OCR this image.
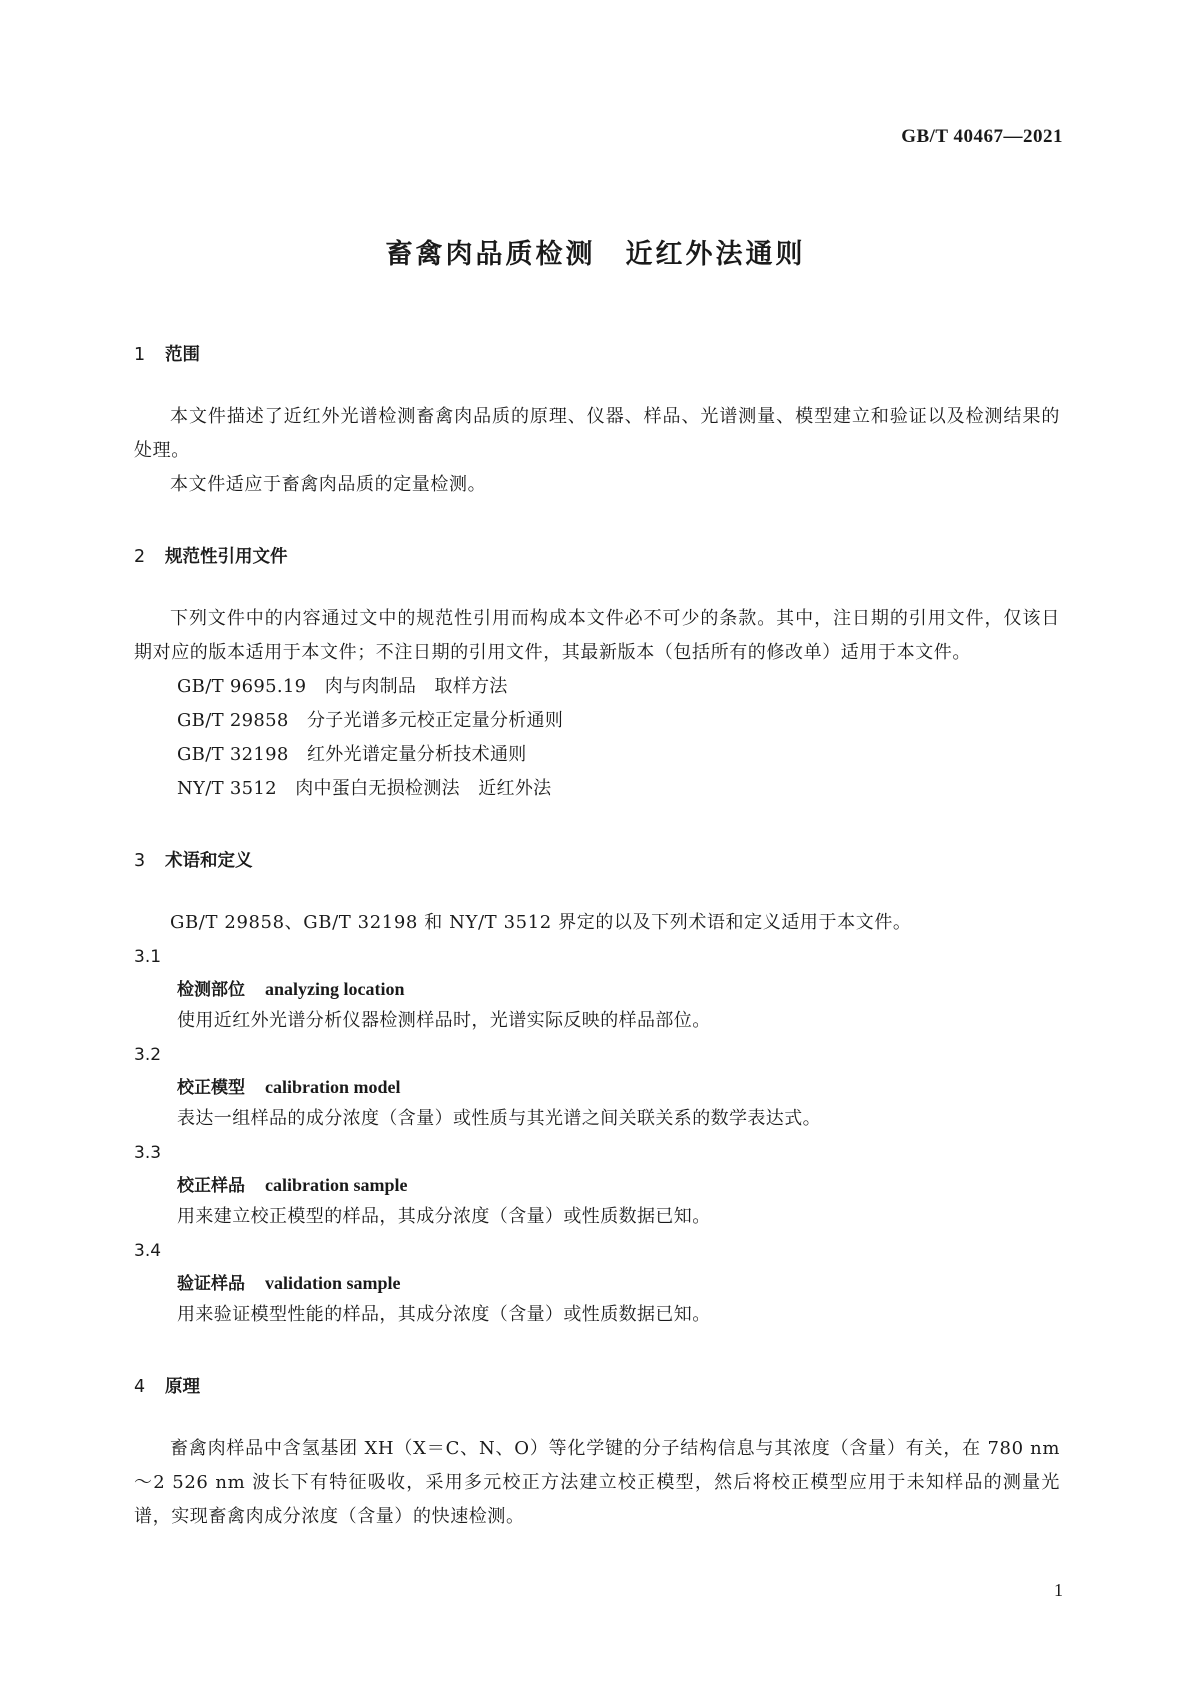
GB/T 40467—2021
畜禽肉品质检测　近红外法通则
1 范围
本文件描述了近红外光谱检测畜禽肉品质的原理、仪器、样品、光谱测量、模型建立和验证以及检测结果的处理。
本文件适应于畜禽肉品质的定量检测。
2 规范性引用文件
下列文件中的内容通过文中的规范性引用而构成本文件必不可少的条款。其中，注日期的引用文件，仅该日期对应的版本适用于本文件；不注日期的引用文件，其最新版本（包括所有的修改单）适用于本文件。
GB/T 9695.19　肉与肉制品　取样方法
GB/T 29858　分子光谱多元校正定量分析通则
GB/T 32198　红外光谱定量分析技术通则
NY/T 3512　肉中蛋白无损检测法　近红外法
3 术语和定义
GB/T 29858、GB/T 32198 和 NY/T 3512 界定的以及下列术语和定义适用于本文件。
3.1
检测部位 analyzing location
使用近红外光谱分析仪器检测样品时，光谱实际反映的样品部位。
3.2
校正模型 calibration model
表达一组样品的成分浓度（含量）或性质与其光谱之间关联关系的数学表达式。
3.3
校正样品 calibration sample
用来建立校正模型的样品，其成分浓度（含量）或性质数据已知。
3.4
验证样品 validation sample
用来验证模型性能的样品，其成分浓度（含量）或性质数据已知。
4 原理
畜禽肉样品中含氢基团 XH（X＝C、N、O）等化学键的分子结构信息与其浓度（含量）有关，在 780 nm～2 526 nm 波长下有特征吸收，采用多元校正方法建立校正模型，然后将校正模型应用于未知样品的测量光谱，实现畜禽肉成分浓度（含量）的快速检测。
1
